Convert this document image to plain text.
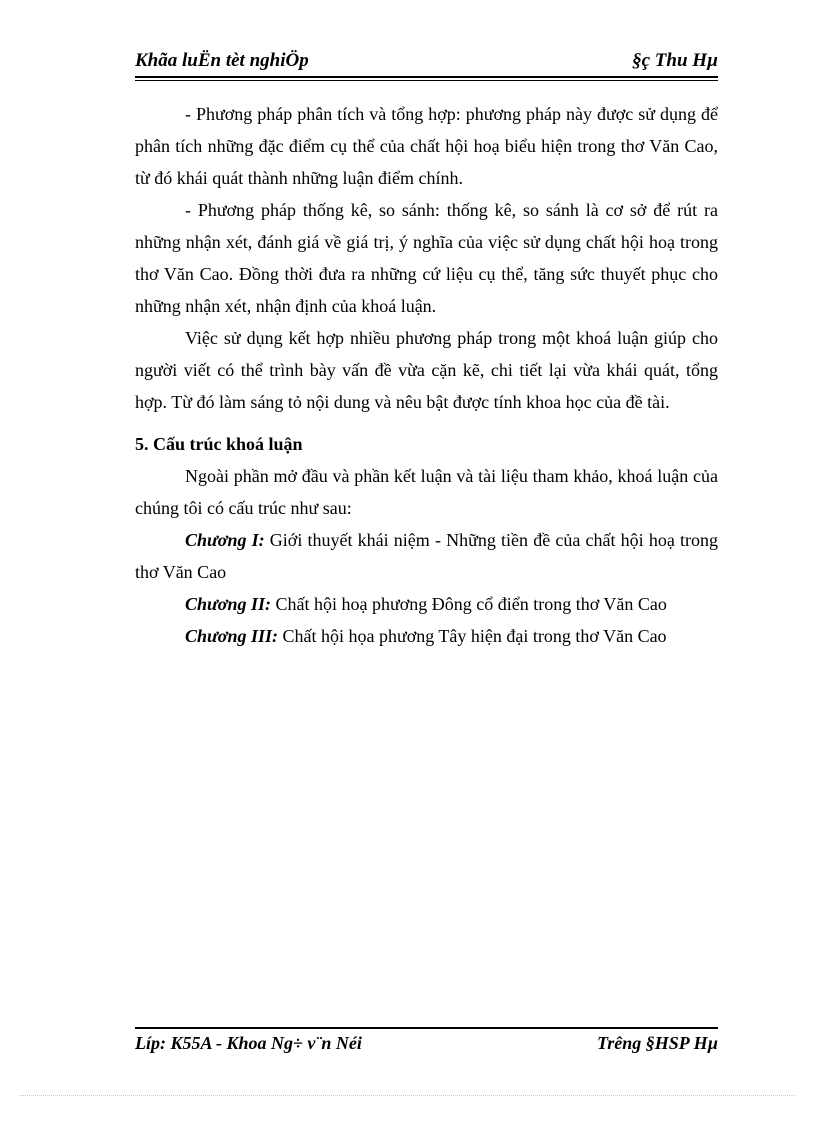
Khãa luËn tèt nghiÖp	§ç Thu Hµ

- Phương pháp phân tích và tổng hợp: phương pháp này được sử dụng để phân tích những đặc điểm cụ thể của chất hội hoạ biểu hiện trong thơ Văn Cao, từ đó khái quát thành những luận điểm chính.

- Phương pháp thống kê, so sánh: thống kê, so sánh là cơ sở để rút ra những nhận xét, đánh giá về giá trị, ý nghĩa của việc sử dụng chất hội hoạ trong thơ Văn Cao. Đồng thời đưa ra những cứ liệu cụ thể, tăng sức thuyết phục cho những nhận xét, nhận định của khoá luận.

Việc sử dụng kết hợp nhiều phương pháp trong một khoá luận giúp cho người viết có thể trình bày vấn đề vừa cặn kẽ, chi tiết lại vừa khái quát, tổng hợp. Từ đó làm sáng tỏ nội dung và nêu bật được tính khoa học của đề tài.

5. Cấu trúc khoá luận

Ngoài phần mở đầu và phần kết luận và tài liệu tham khảo, khoá luận của chúng tôi có cấu trúc như sau:

Chương I: Giới thuyết khái niệm - Những tiền đề của chất hội hoạ trong thơ Văn Cao

Chương II: Chất hội hoạ phương Đông cổ điển trong thơ Văn Cao

Chương III: Chất hội họa phương Tây hiện đại trong thơ Văn Cao

Líp: K55A - Khoa Ng÷ v¨n Néi	Trêng §HSP Hµ
